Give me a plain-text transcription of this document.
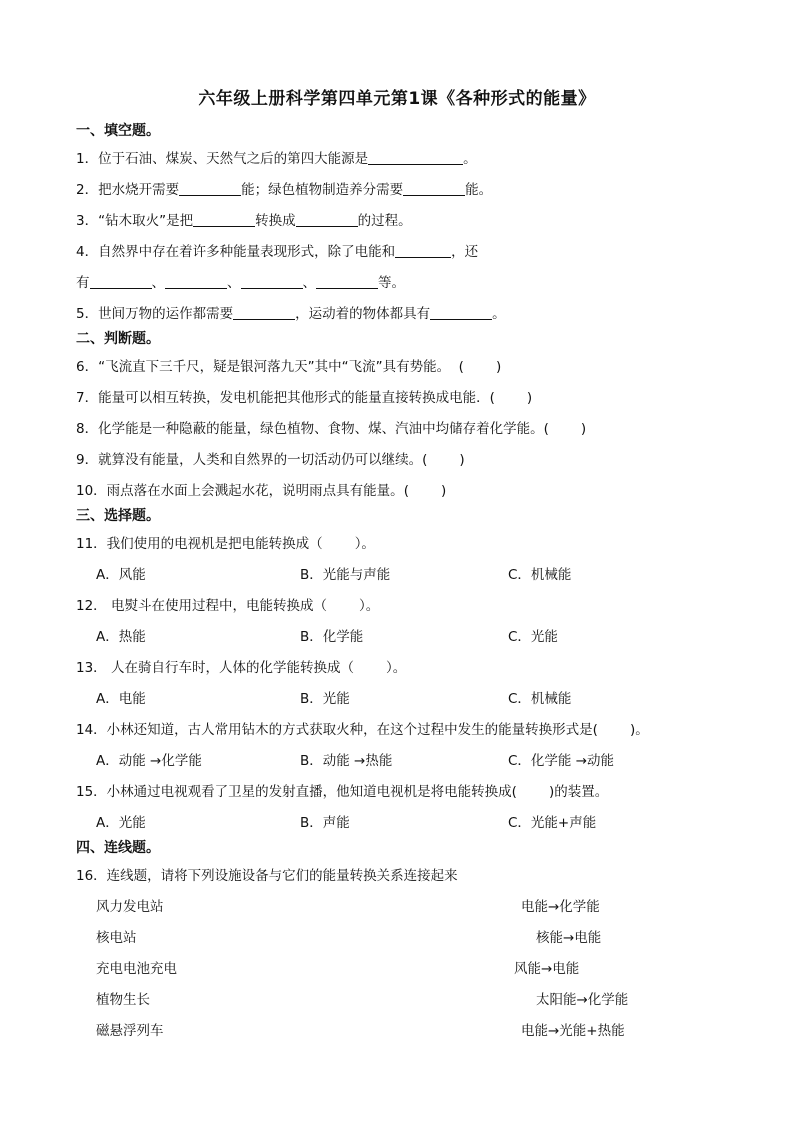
六年级上册科学第四单元第1课《各种形式的能量》
一、填空题。
1．位于石油、煤炭、天然气之后的第四大能源是	。
2．把水烧开需要	能；绿色植物制造养分需要	能。
3．“钻木取火”是把	转换成	的过程。
4．自然界中存在着许多种能量表现形式，除了电能和	，还
有	、	、	、	等。
5．世间万物的运作都需要	，运动着的物体都具有	。
二、判断题。
6．“飞流直下三千尺，疑是银河落九天”其中“飞流”具有势能。 ( )
7．能量可以相互转换，发电机能把其他形式的能量直接转换成电能．( )
8．化学能是一种隐蔽的能量，绿色植物、食物、煤、汽油中均储存着化学能。( )
9．就算没有能量，人类和自然界的一切活动仍可以继续。( )
10．雨点落在水面上会溅起水花，说明雨点具有能量。( )
三、选择题。
11．我们使用的电视机是把电能转换成（ ）。
A．风能	B．光能与声能	C．机械能
12． 电熨斗在使用过程中，电能转换成（ ）。
A．热能	B．化学能	C．光能
13． 人在骑自行车时，人体的化学能转换成（ ）。
A．电能	B．光能	C．机械能
14．小林还知道，古人常用钻木的方式获取火种，在这个过程中发生的能量转换形式是( )。
A．动能 →化学能	B．动能 →热能	C．化学能 →动能
15．小林通过电视观看了卫星的发射直播，他知道电视机是将电能转换成( )的装置。
A．光能	B．声能	C．光能+声能
四、连线题。
16．连线题，请将下列设施设备与它们的能量转换关系连接起来
风力发电站
核电站
充电电池充电
植物生长
磁悬浮列车
电能→化学能
核能→电能
风能→电能
太阳能→化学能
电能→光能+热能
